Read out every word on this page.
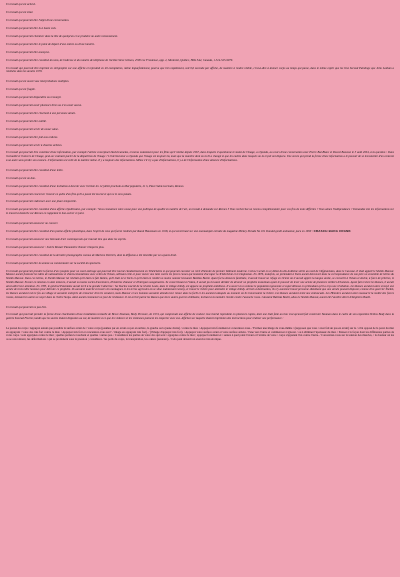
Un travail qui est achevé.

Un travail qui est situé.

Un travail qui pourrait être l'objet d'une conversation.

Un travail qui pourrait être lu à haute voix.

Un travail qui pourrait cheminer dans la tête de quelqu'un et se produire un autre raisonnement.

Un travail qui pourrait être le point de départ d'une ombre ou d'une lumière.

Un travail qui pourrait être anonyme.

Un travail qui pourrait être constitué du nom, de l'adresse et du numéro de téléphone de l'artiste Steve Gibson, 2500 rue Frontenac, app. 2, Montréal, Québec, H2K 3A2, Canada, 1-514-525-9979.

Un travail qui pourrait être imprimé en sérigraphie sur une affiche et reproduit en 49 exemplaires, même imparfaitement, pourvu que très rapidement, soit 0,6 seconde par affiche, de manière à rendre visible, c'est-à-dire à donner corps au temps qui passe, dans le même esprit que les One Second Paintings que John Latham a réalisées dans les années 1970.

Un travail qui est ouvert aux interprétations multiples.

Un travail qui est fragile.

Un travail qui pourrait disparaître ou ressurgir.

Un travail qui pourrait avoir plusieurs titres ou n'en avoir aucun.

Un travail qui pourrait être chuchoté à une personne aimée.

Un travail qui pourrait être oublié.

Un travail qui pourrait servir de cause vaine.

Un travail qui pourrait être joté aux ordures.

Un travail qui pourrait servir à d'autres artistes.

Un travail qui pourrait être constitué d'une information, par exemple l'artiste conceptuel David Lamelas, reconnu notamment pour les films qu'il réalise depuis 1967, dans lesquels il questionne le statut de l'image, a répondu, au cours d'une conversation avec Pierre Bal-Blanc et Pascal Beausse le 3 août 2004, à la question : Dans l'actualité et l'univers de l'image, peut-on vraiment parler de la disparition de l'image ? L'interlocuteur a répondu que l'image est toujours là, mais que la manière dont on la lit a changé et que les cadres dans lesquels on la reçoit ont disparu. Une œuvre qui prend la forme d'une information a le pouvoir de se transmettre d'un contexte à un autre sans perdre son essence. L'information est celle de la matière même. Il y a toujours des informations. Même s'il n'y a pas d'informations, il y a de l'information d'une absence d'informations.

Un travail qui pourrait être constitué d'une lettre.

Un travail qui est un don.

Un travail qui pourrait être constitué d'une invitation à devenir avec l'artiste les 12 juillet prochain au Bal populaire, 21 h, Place Saint-Germain, Rennes.

Un travail qui pourrait concerner l'avenir en quête d'un film qu'il a passé été tourné et qui ne le sera jamais.

Un travail qui pourrait s'adresser avec une place temporelle.

Un travail qui pourrait être constitué d'une affiche républicaine, par exemple : Vous connaissez votre cause pour une politique de qualité en matière de l'art, un travail à demande sur Rennes 5 Vous recherchez un revenu complémentaire pour vos fins de mois difficiles ? Vous aimez l'indépendance ? Demandez site les informations sur le travail à domicile sur Rennes en rappelant le bon-à-tirer ci-joint.

Un travail qui pourrait annoncer un concert.

Un travail qui pourrait être constitué d'un poème affiche phonétique, dans l'esprit de ceux qui furent réalisés par Raoul Hausmann en 1918, et qui serait basé sur une onomatopée extraite du magazine Mickey Parade No 101 Donald gentil animateur, paru en 1990 : CRASCH BADA CRANK

Un travail qui pourrait annoncer une biennale d'art contemporain qui n'aurait lieu que dans les esprits.

Un travail qui pourrait annoncer : Soirée Mozart Pianomètre Tomori n'importe plus.

Un travail qui pourrait être constitué de la dernière photographie connue de Marlene Dietrich, dont la diffusion a été interdite par ses ayants droit.

Un travail qui pourrait être la somme ou commentaire sur la société du spectacle.

Un travail qui pourrait prendre la forme d'un synopsis pour un court-métrage qui pourrait être tourné clandestinement en Tchétchénie et qui pourrait raconter un récit d'histoire de premier bâtiment moderne. Celui-ci serait en ce début du dix-huitième siècle au nord de l'Afghanistan, dans le Caucase. Il était appelé le Sheikh Mansur. Mansur aurait fusionné les idées de nationalisme et d'anti-colonialisme avec celles de l'islam, utilisant celle-ci pour mener une lutte contre les forces russes qui tentaient d'occuper la Tchétchénie et le Daghestan. En 1876, toutefois, on prétendait à Tunis aurait découvert dans la correspondance de son père un ensemble de lettres du Sheikh Mansur. Dans ces lettres, le Sheikh Mansur lui révélait qu'il était en fait Italien, qu'il était né à Turin et qu'il était en réalité un moine nommé Giovanni Battista Boetti. Ayant fui la demeure familiale, il aurait trouvé un refuge en Orient où il aurait appris la langue arabe, se convertit à l'islam et devint, à force de prêches, le Sheikh Mansur. Encore en mission en Asie mineure, il aurait eu toutes sortes d'aventures, d'histoires d'amour et d'intrigues sanguinaires. Se convertissant à l'islam, il aurait pu lui aussi décider de devenir un prophète musulman ayant le pouvoir de lever une armée de plusieurs milliers d'hommes. Ayant fait revivre les Russes, il aurait ainsi attiré leur attention. En 1785, le général Potemkine aurait écrit à la grande Catherine : Sa Tsarine suscité de la révolte Louis, dans le village d'Aldy, est apparu un prophète ambitieux. Il a ouvert à un volume le population ignorante et superstitieuse en prétendant qu'il a reçu une révélation. Les Russes auraient alors envoyé une armée de trois mille hommes pour détruire ce prophète. Ils auraient marché à travers les montagnes et les terres agricoles où se situe maintenant Grozny, et trouvé le rivière pour atteindre le village d'Aldy. Arrivés à destination, ils n'y auraient trouvé personne. Réalisant que une armée pouvait disposer, comme d'un guerrier Sheikh, les Russes auraient mis le feu au village et auraient entrepris de retourner d'où ils venaient, mais Mansur et ses hommes auraient attendu leur retour dans la forêt et les auraient attaqués au moment où ils traversaient la rivière. Les Russes auraient tenté une embuscade. Les Histoires auraient alors massacré la moitié des forces russes, laissant les autres se noyer dans la rivière Sunja. Ainsi aurait commencé un jour de résistance. Il est arrivé parmi les Russes que leurs autres guerres d'Albanie, incitant à la moindre révolte contre l'avancée russe. Giovanni Battista Boetti, alias Le Sheikh Mansur, aurait été l'ancêtre direct d'Alighiero Boetti.

Un travail qui pourrait ne pas être.

Un travail qui pourrait prendre la forme d'une réactivation d'une installation textuelle de Bruce Nauman, Body Pressure, de 1974, qui comprenait une affiche de couleur rose boréal reproduite en plusieurs copies, dont une était faite au bon vrai qu'avait fait construire Nauman dans le cadre de son exposition Yellow Body dans la galerie Konrad Fischer, tandis que les autres étaient disposées au sol, de manière à ce que les visiteurs et les visiteuses puissent les emporter avec eux. Affichez sur laquelle étaient imprimées des instructions pour réaliser une performance :

Le pressé du corps / Appuyez autant que possible la surface avant de / votre corps (paumes par en avant ou par en arrière, la gauche ou la jaune droite) / contre le mur. / Appuyez très fortement et concentrez-vous. / Formez une image de vous-même / (supposez que vous / avez fait un pas en avant) sur le / côté opposé de la paroi du mur en appuyant / votre dos très fort contre le mur. / Appuyez très fort et concentrez-vous sur l' / image en appuyant très fort). / (l'image d'appuyer très fort). / Appuyez votre surface avant et votre surface arrière / l'une vers l'autre et commencez à ignorer / ou à éliminer l'épaisseur du mur. / Pensez à la façon dont les différentes parties de votre corps / sont appuyées contre le mur ; quelles parties le touchent et quelles / autres pas. / Considérez les parties de votre dos qui sont / appuyées contre le mur ; appuyez fortement et / sentez à quel point l'avant et l'arrière de votre / corps s'appuient l'un contre l'autre. / Concentrez-vous sur la tension des muscles, / la douleur où les os se rencontrent, les déformations / qui se produisent sous la pression ; considérez / les poils du corps, la transpiration, les odeurs (senteurs). / Cela peut devenir un exercice très érotique.
